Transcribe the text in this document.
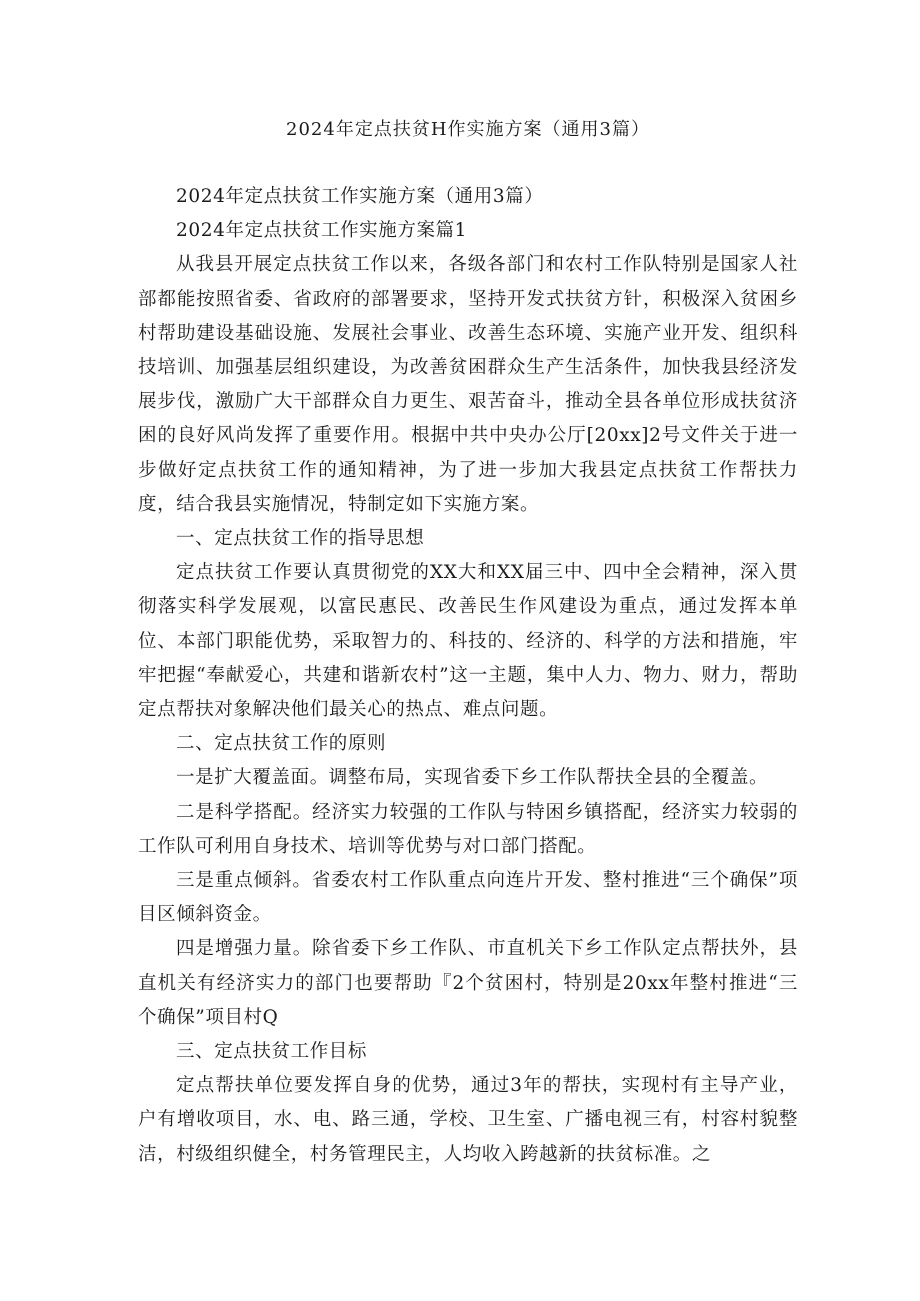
2024年定点扶贫H作实施方案（通用3篇）

2024年定点扶贫工作实施方案（通用3篇）

2024年定点扶贫工作实施方案篇1

从我县开展定点扶贫工作以来，各级各部门和农村工作队特别是国家人社部都能按照省委、省政府的部署要求，坚持开发式扶贫方针，积极深入贫困乡村帮助建设基础设施、发展社会事业、改善生态环境、实施产业开发、组织科技培训、加强基层组织建设，为改善贫困群众生产生活条件，加快我县经济发展步伐，激励广大干部群众自力更生、艰苦奋斗，推动全县各单位形成扶贫济困的良好风尚发挥了重要作用。根据中共中央办公厅[20xx]2号文件关于进一步做好定点扶贫工作的通知精神，为了进一步加大我县定点扶贫工作帮扶力度，结合我县实施情况，特制定如下实施方案。

一、定点扶贫工作的指导思想

定点扶贫工作要认真贯彻党的XX大和XX届三中、四中全会精神，深入贯彻落实科学发展观，以富民惠民、改善民生作风建设为重点，通过发挥本单位、本部门职能优势，采取智力的、科技的、经济的、科学的方法和措施，牢牢把握“奉献爱心，共建和谐新农村”这一主题，集中人力、物力、财力，帮助定点帮扶对象解决他们最关心的热点、难点问题。

二、定点扶贫工作的原则

一是扩大覆盖面。调整布局，实现省委下乡工作队帮扶全县的全覆盖。

二是科学搭配。经济实力较强的工作队与特困乡镇搭配，经济实力较弱的工作队可利用自身技术、培训等优势与对口部门搭配。

三是重点倾斜。省委农村工作队重点向连片开发、整村推进“三个确保”项目区倾斜资金。

四是增强力量。除省委下乡工作队、市直机关下乡工作队定点帮扶外，县直机关有经济实力的部门也要帮助『2个贫困村，特别是20xx年整村推进“三个确保”项目村Q

三、定点扶贫工作目标

定点帮扶单位要发挥自身的优势，通过3年的帮扶，实现村有主导产业，户有增收项目，水、电、路三通，学校、卫生室、广播电视三有，村容村貌整洁，村级组织健全，村务管理民主，人均收入跨越新的扶贫标准。之
